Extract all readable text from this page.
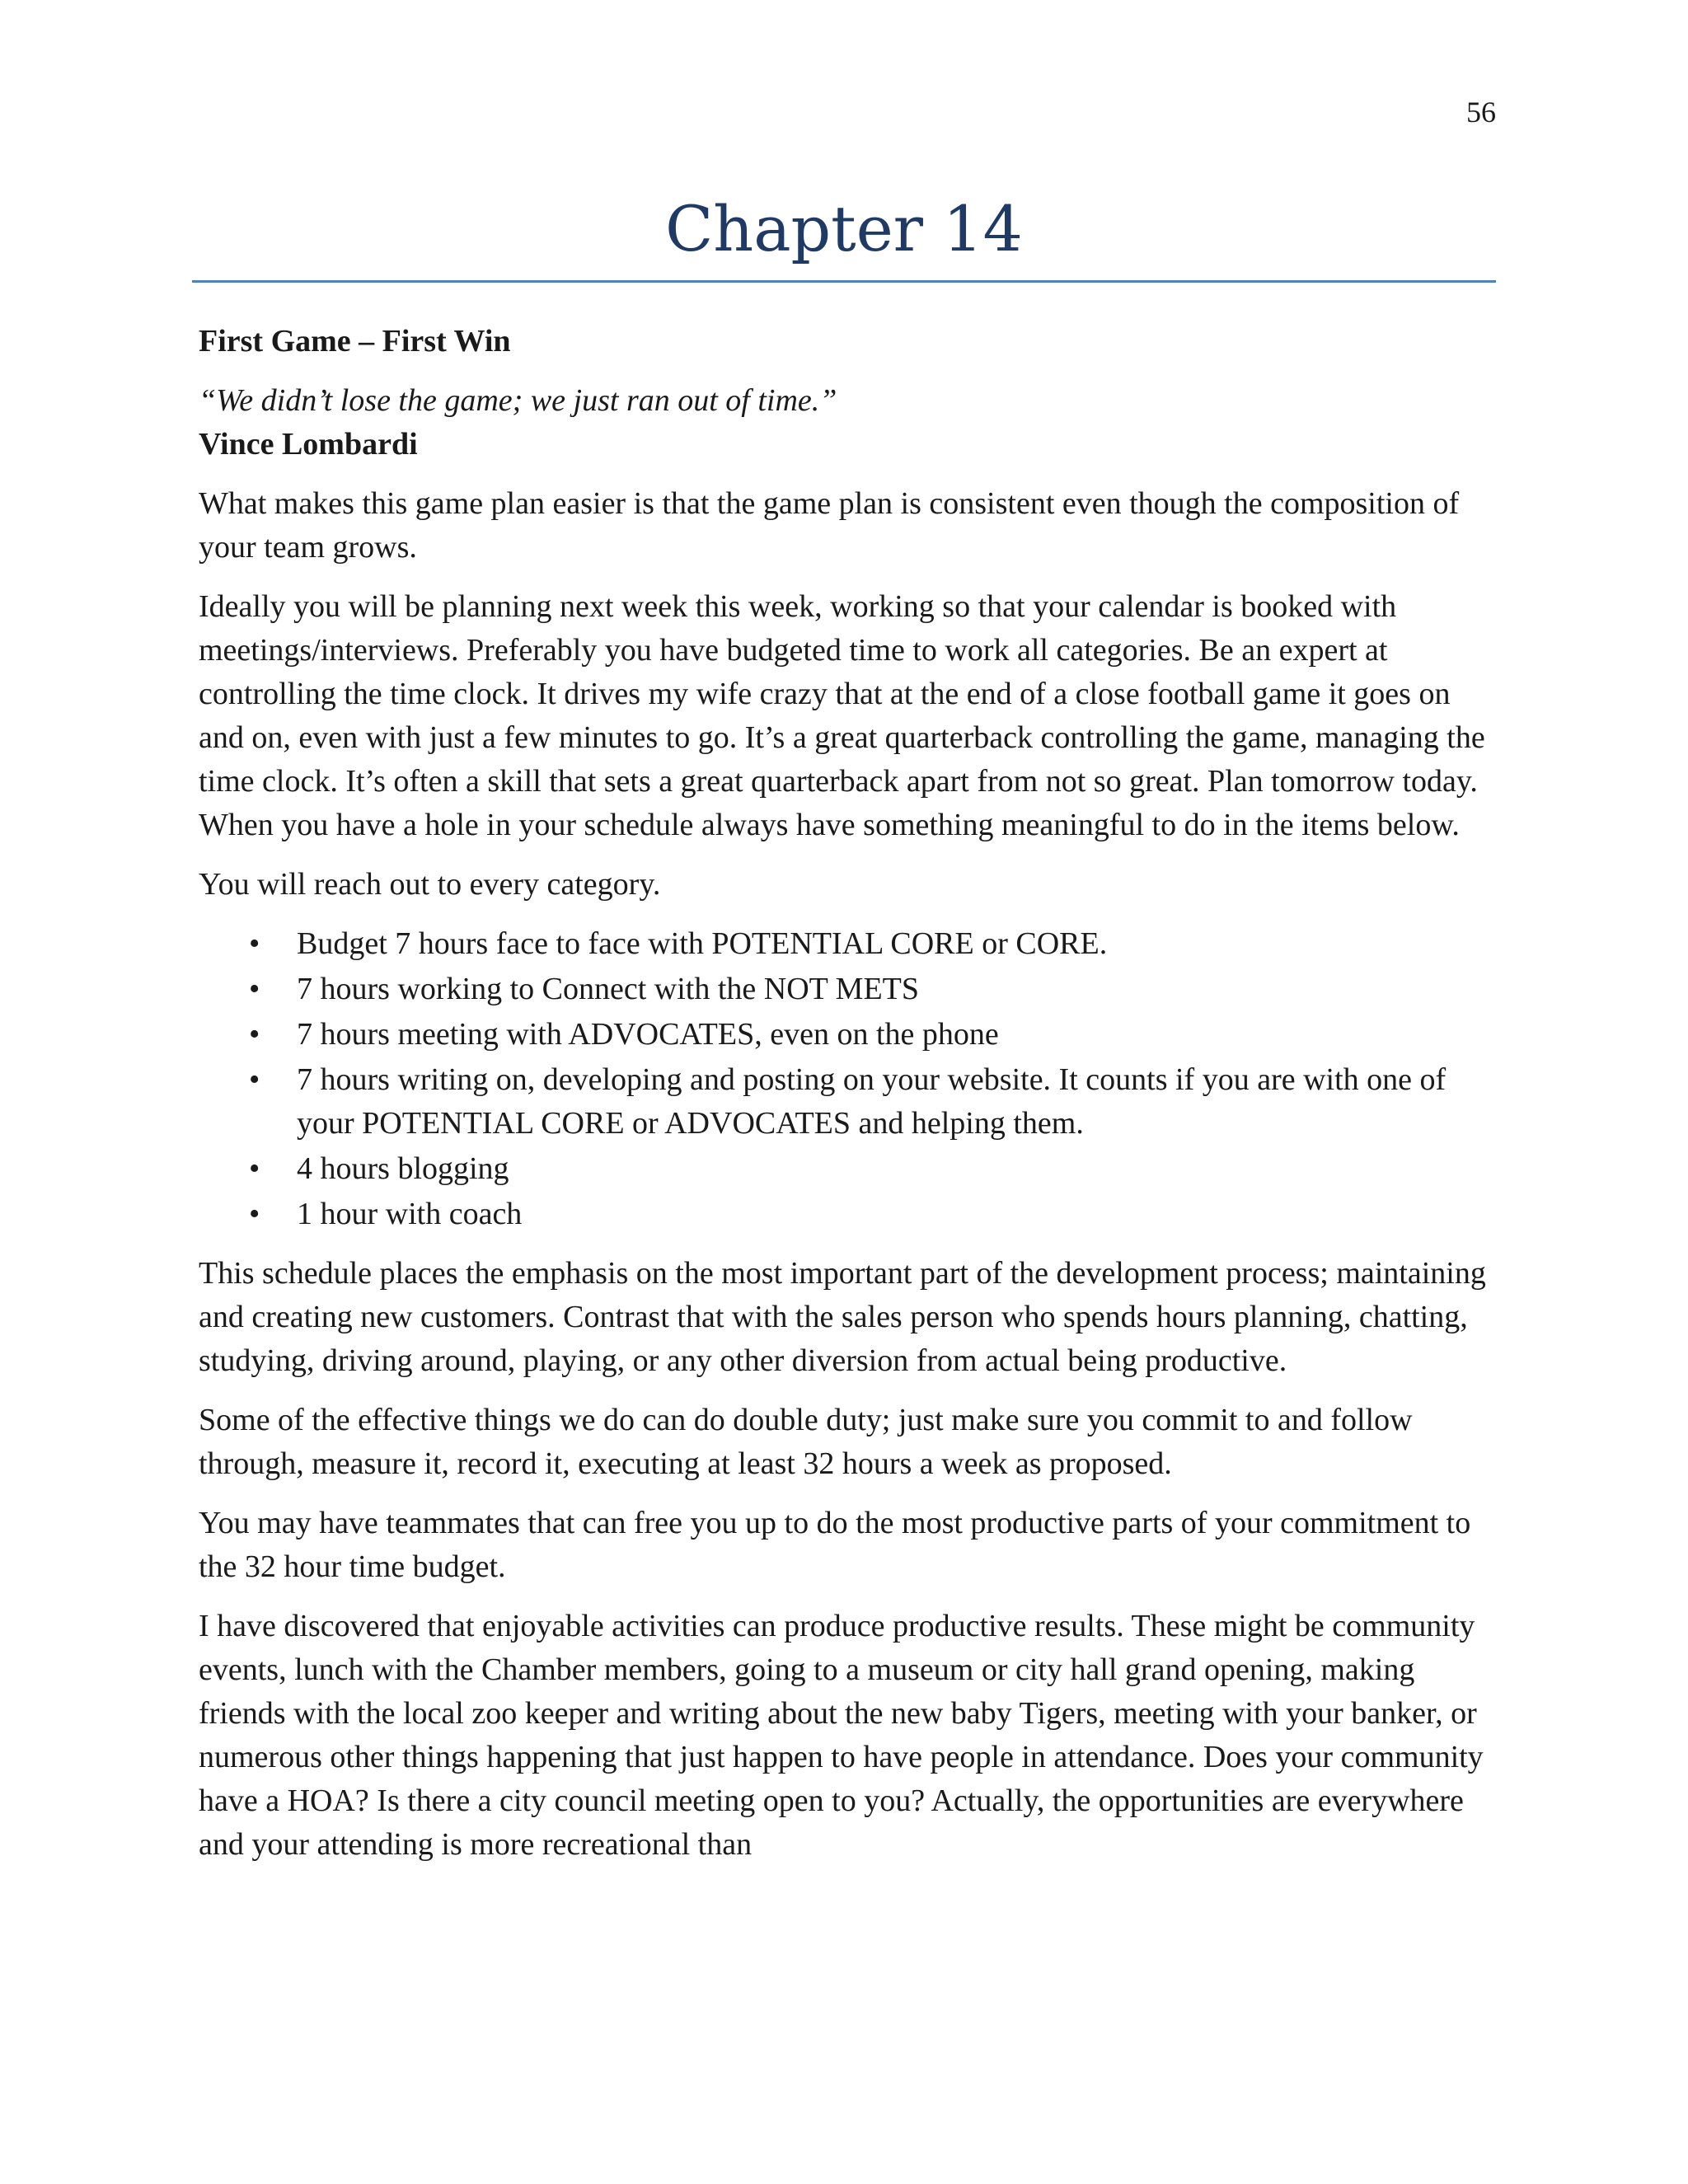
56
Chapter 14

First Game – First Win

“We didn’t lose the game; we just ran out of time.”

Vince Lombardi

What makes this game plan easier is that the game plan is consistent even though the composition of your team grows.

Ideally you will be planning next week this week, working so that your calendar is booked with meetings/interviews. Preferably you have budgeted time to work all categories. Be an expert at controlling the time clock. It drives my wife crazy that at the end of a close football game it goes on and on, even with just a few minutes to go. It’s a great quarterback controlling the game, managing the time clock. It’s often a skill that sets a great quarterback apart from not so great. Plan tomorrow today. When you have a hole in your schedule always have something meaningful to do in the items below.

You will reach out to every category.

• Budget 7 hours face to face with POTENTIAL CORE or CORE.
• 7 hours working to Connect with the NOT METS
• 7 hours meeting with ADVOCATES, even on the phone
• 7 hours writing on, developing and posting on your website. It counts if you are with one of your POTENTIAL CORE or ADVOCATES and helping them.
• 4 hours blogging
• 1 hour with coach

This schedule places the emphasis on the most important part of the development process; maintaining and creating new customers. Contrast that with the sales person who spends hours planning, chatting, studying, driving around, playing, or any other diversion from actual being productive.

Some of the effective things we do can do double duty; just make sure you commit to and follow through, measure it, record it, executing at least 32 hours a week as proposed.

You may have teammates that can free you up to do the most productive parts of your commitment to the 32 hour time budget.

I have discovered that enjoyable activities can produce productive results. These might be community events, lunch with the Chamber members, going to a museum or city hall grand opening, making friends with the local zoo keeper and writing about the new baby Tigers, meeting with your banker, or numerous other things happening that just happen to have people in attendance. Does your community have a HOA? Is there a city council meeting open to you? Actually, the opportunities are everywhere and your attending is more recreational than
